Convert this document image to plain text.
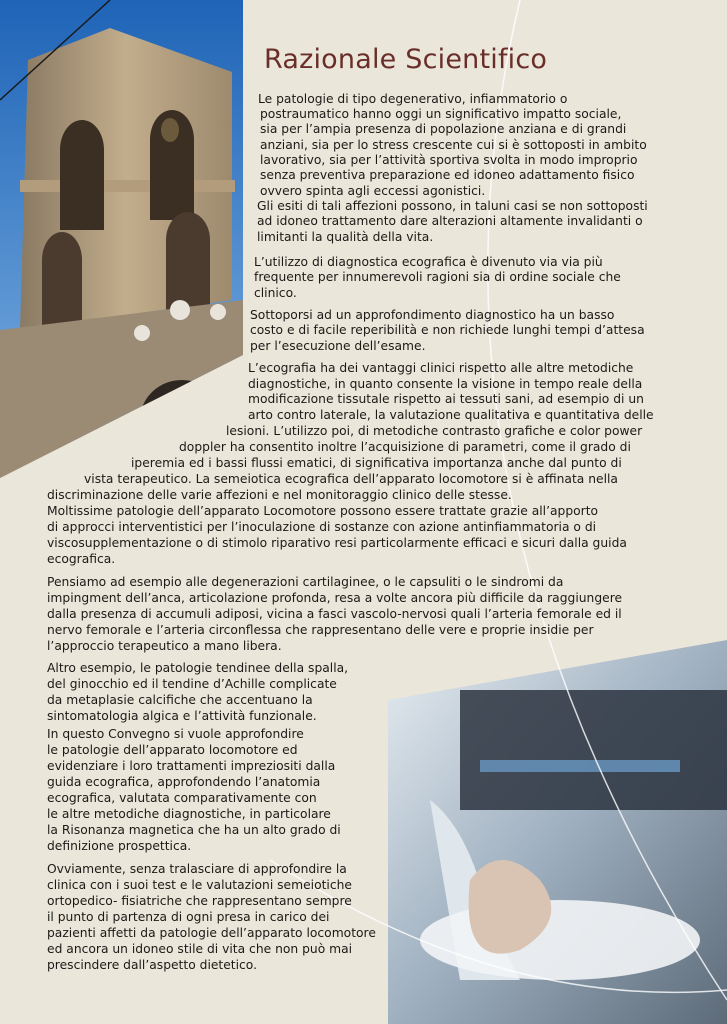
Razionale Scientifico
Le patologie di tipo degenerativo, infiammatorio o
postraumatico hanno oggi un significativo impatto sociale,
sia per l’ampia presenza di popolazione anziana e di grandi
anziani, sia per lo stress crescente cui si è sottoposti in ambito
lavorativo, sia per l’attività sportiva svolta in modo improprio
senza preventiva preparazione ed idoneo adattamento fisico
ovvero spinta agli eccessi agonistici.
Gli esiti di tali affezioni possono, in taluni casi se non sottoposti
ad idoneo trattamento dare alterazioni altamente invalidanti o
limitanti la qualità della vita.
L’utilizzo di diagnostica ecografica è divenuto via via più
frequente per innumerevoli ragioni sia di ordine sociale che
clinico.
Sottoporsi ad un approfondimento diagnostico ha un basso
costo e di facile reperibilità e non richiede lunghi tempi d’attesa
per l’esecuzione dell’esame.
L’ecografia ha dei vantaggi clinici rispetto alle altre metodiche
diagnostiche, in quanto consente la visione in tempo reale della
modificazione tissutale rispetto ai tessuti sani, ad esempio di un
arto contro laterale, la valutazione qualitativa e quantitativa delle
lesioni. L’utilizzo poi, di metodiche contrasto grafiche e color power
doppler ha consentito inoltre l’acquisizione di parametri, come il grado di
iperemia ed i bassi flussi ematici, di significativa importanza anche dal punto di
vista terapeutico. La semeiotica ecografica dell’apparato locomotore si è affinata nella
discriminazione delle varie affezioni e nel monitoraggio clinico delle stesse.
Moltissime patologie dell’apparato Locomotore possono essere trattate grazie all’apporto
di approcci interventistici per l’inoculazione di sostanze con azione antinfiammatoria o di
viscosupplementazione o di stimolo riparativo resi particolarmente efficaci e sicuri dalla guida
ecografica.
Pensiamo ad esempio alle degenerazioni cartilaginee, o le capsuliti o le sindromi da
impingment dell’anca, articolazione profonda, resa a volte ancora più difficile da raggiungere
dalla presenza di accumuli adiposi, vicina a fasci vascolo-nervosi quali l’arteria femorale ed il
nervo femorale e l’arteria circonflessa che rappresentano delle vere e proprie insidie per
l’approccio terapeutico a mano libera.
Altro esempio, le patologie tendinee della spalla,
del ginocchio ed il tendine d’Achille complicate
da metaplasie calcifiche che accentuano la
sintomatologia algica e l’attività funzionale.
In questo Convegno si vuole approfondire
le patologie dell’apparato locomotore ed
evidenziare i loro trattamenti impreziositi dalla
guida ecografica, approfondendo l’anatomia
ecografica, valutata comparativamente con
le altre metodiche diagnostiche, in particolare
la Risonanza magnetica che ha un alto grado di
definizione prospettica.
Ovviamente, senza tralasciare di approfondire la
clinica con i suoi test e le valutazioni semeiotiche
ortopedico- fisiatriche che rappresentano sempre
il punto di partenza di ogni presa in carico dei
pazienti affetti da patologie dell’apparato locomotore
ed ancora un idoneo stile di vita che non può mai
prescindere dall’aspetto dietetico.
